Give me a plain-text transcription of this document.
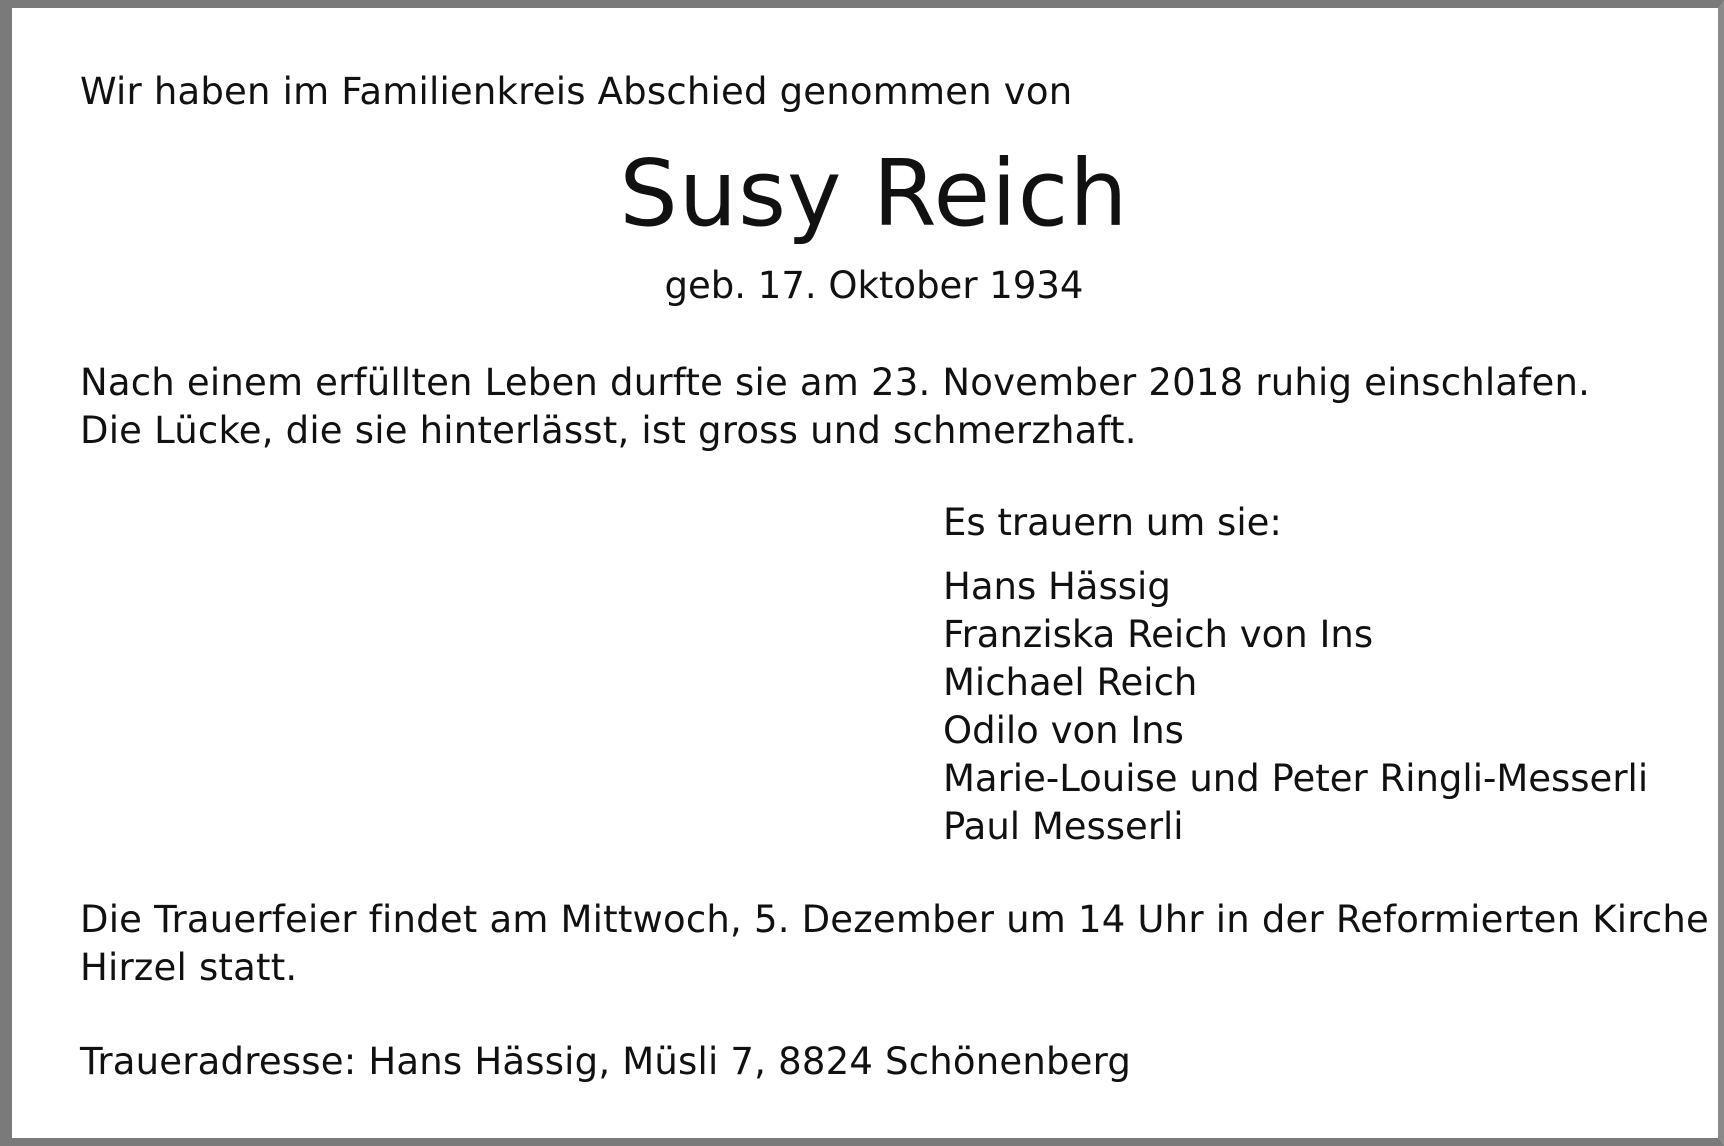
Wir haben im Familienkreis Abschied genommen von

Susy Reich

geb. 17. Oktober 1934

Nach einem erfüllten Leben durfte sie am 23. November 2018 ruhig einschlafen.

Die Lücke, die sie hinterlässt, ist gross und schmerzhaft.

Es trauern um sie:

Hans Hässig
Franziska Reich von Ins
Michael Reich
Odilo von Ins
Marie-Louise und Peter Ringli-Messerli
Paul Messerli

Die Trauerfeier findet am Mittwoch, 5. Dezember um 14 Uhr in der Reformierten Kirche

Hirzel statt.

Traueradresse: Hans Hässig, Müsli 7, 8824 Schönenberg
